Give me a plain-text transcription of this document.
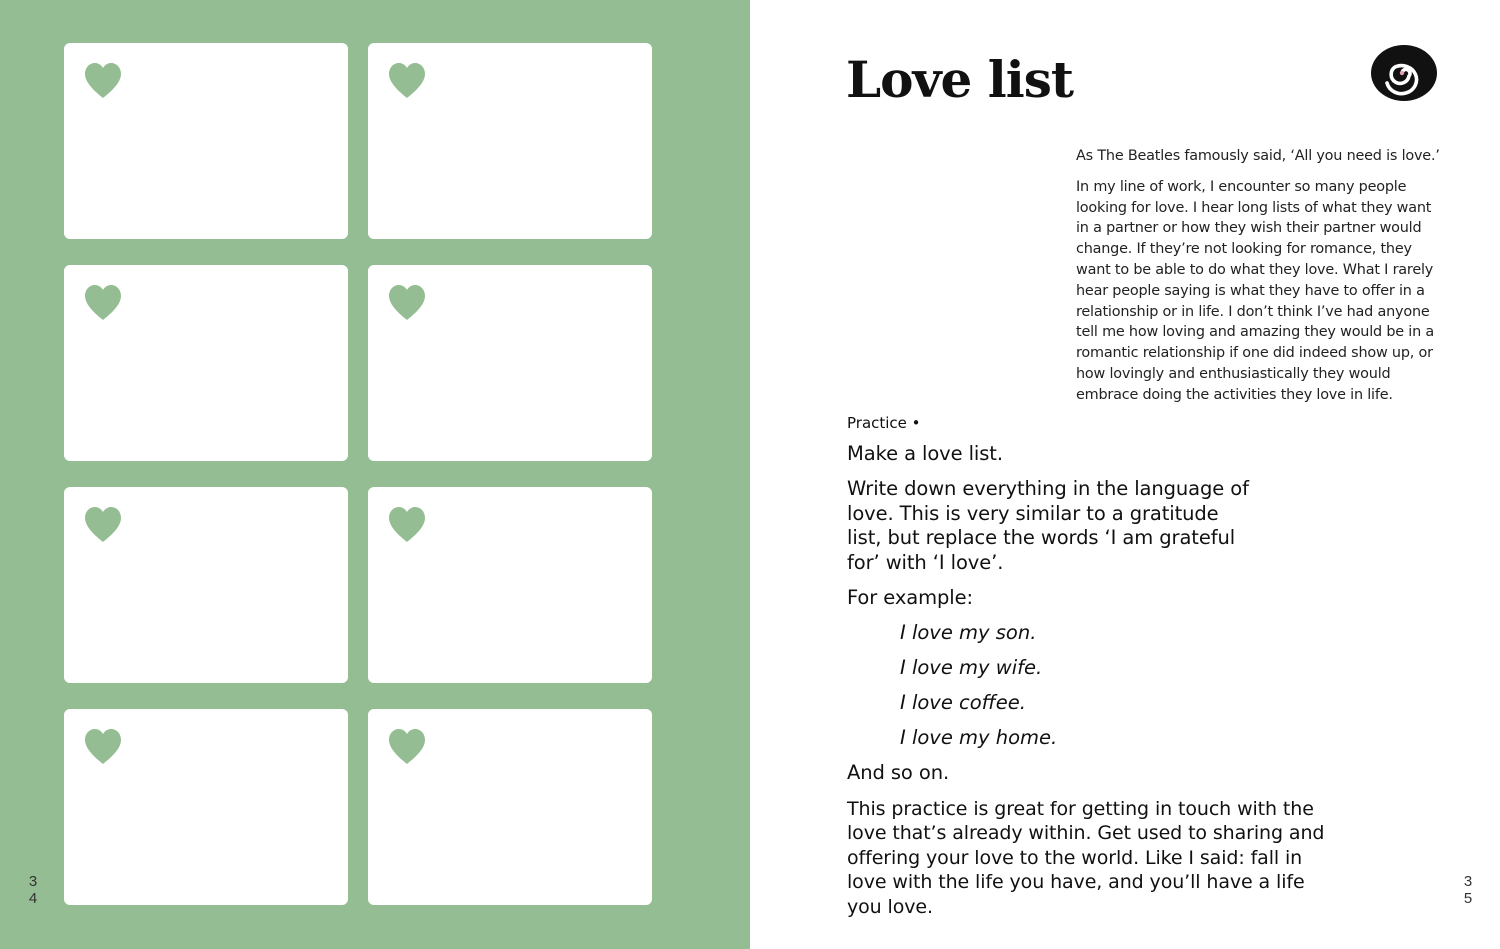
3
4
Love list

As The Beatles famously said, ‘All you need is love.’

In my line of work, I encounter so many people looking for love. I hear long lists of what they want in a partner or how they wish their partner would change. If they’re not looking for romance, they want to be able to do what they love. What I rarely hear people saying is what they have to offer in a relationship or in life. I don’t think I’ve had anyone tell me how loving and amazing they would be in a romantic relationship if one did indeed show up, or how lovingly and enthusiastically they would embrace doing the activities they love in life.

Practice •

Make a love list.

Write down everything in the language of love. This is very similar to a gratitude list, but replace the words ‘I am grateful for’ with ‘I love’.

For example:

I love my son.

I love my wife.

I love coffee.

I love my home.

And so on.

This practice is great for getting in touch with the love that’s already within. Get used to sharing and offering your love to the world. Like I said: fall in love with the life you have, and you’ll have a life you love.

3
5
